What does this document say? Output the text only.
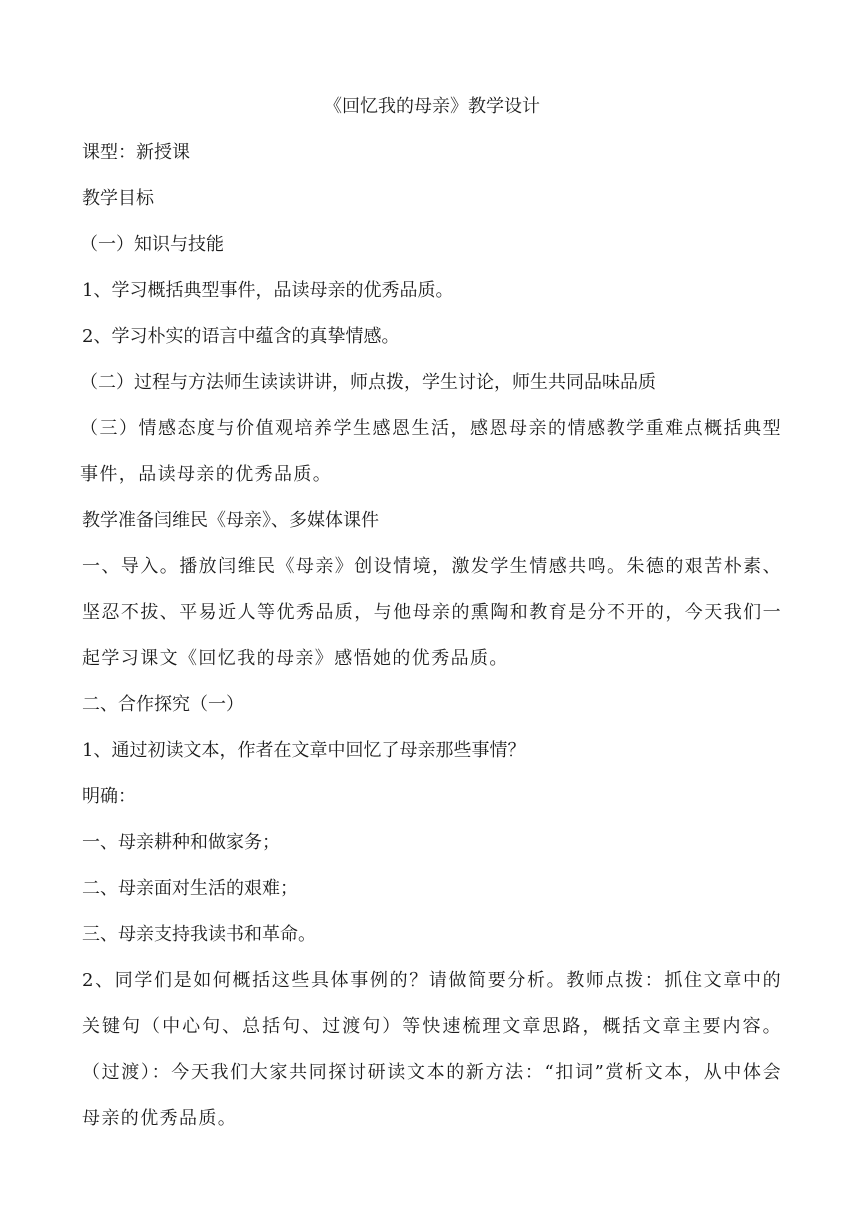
《回忆我的母亲》教学设计
课型：新授课
教学目标
（一）知识与技能
1、学习概括典型事件，品读母亲的优秀品质。
2、学习朴实的语言中蕴含的真挚情感。
（二）过程与方法师生读读讲讲，师点拨，学生讨论，师生共同品味品质
（三）情感态度与价值观培养学生感恩生活，感恩母亲的情感教学重难点概括典型事件，品读母亲的优秀品质。
教学准备闫维民《母亲》、多媒体课件
一、导入。播放闫维民《母亲》创设情境，激发学生情感共鸣。朱德的艰苦朴素、坚忍不拔、平易近人等优秀品质，与他母亲的熏陶和教育是分不开的，今天我们一起学习课文《回忆我的母亲》感悟她的优秀品质。
二、合作探究（一）
1、通过初读文本，作者在文章中回忆了母亲那些事情？
明确：
一、母亲耕种和做家务；
二、母亲面对生活的艰难；
三、母亲支持我读书和革命。
2、同学们是如何概括这些具体事例的？请做简要分析。教师点拨：抓住文章中的关键句（中心句、总括句、过渡句）等快速梳理文章思路，概括文章主要内容。 （过渡）：今天我们大家共同探讨研读文本的新方法：“扣词”赏析文本，从中体会母亲的优秀品质。
